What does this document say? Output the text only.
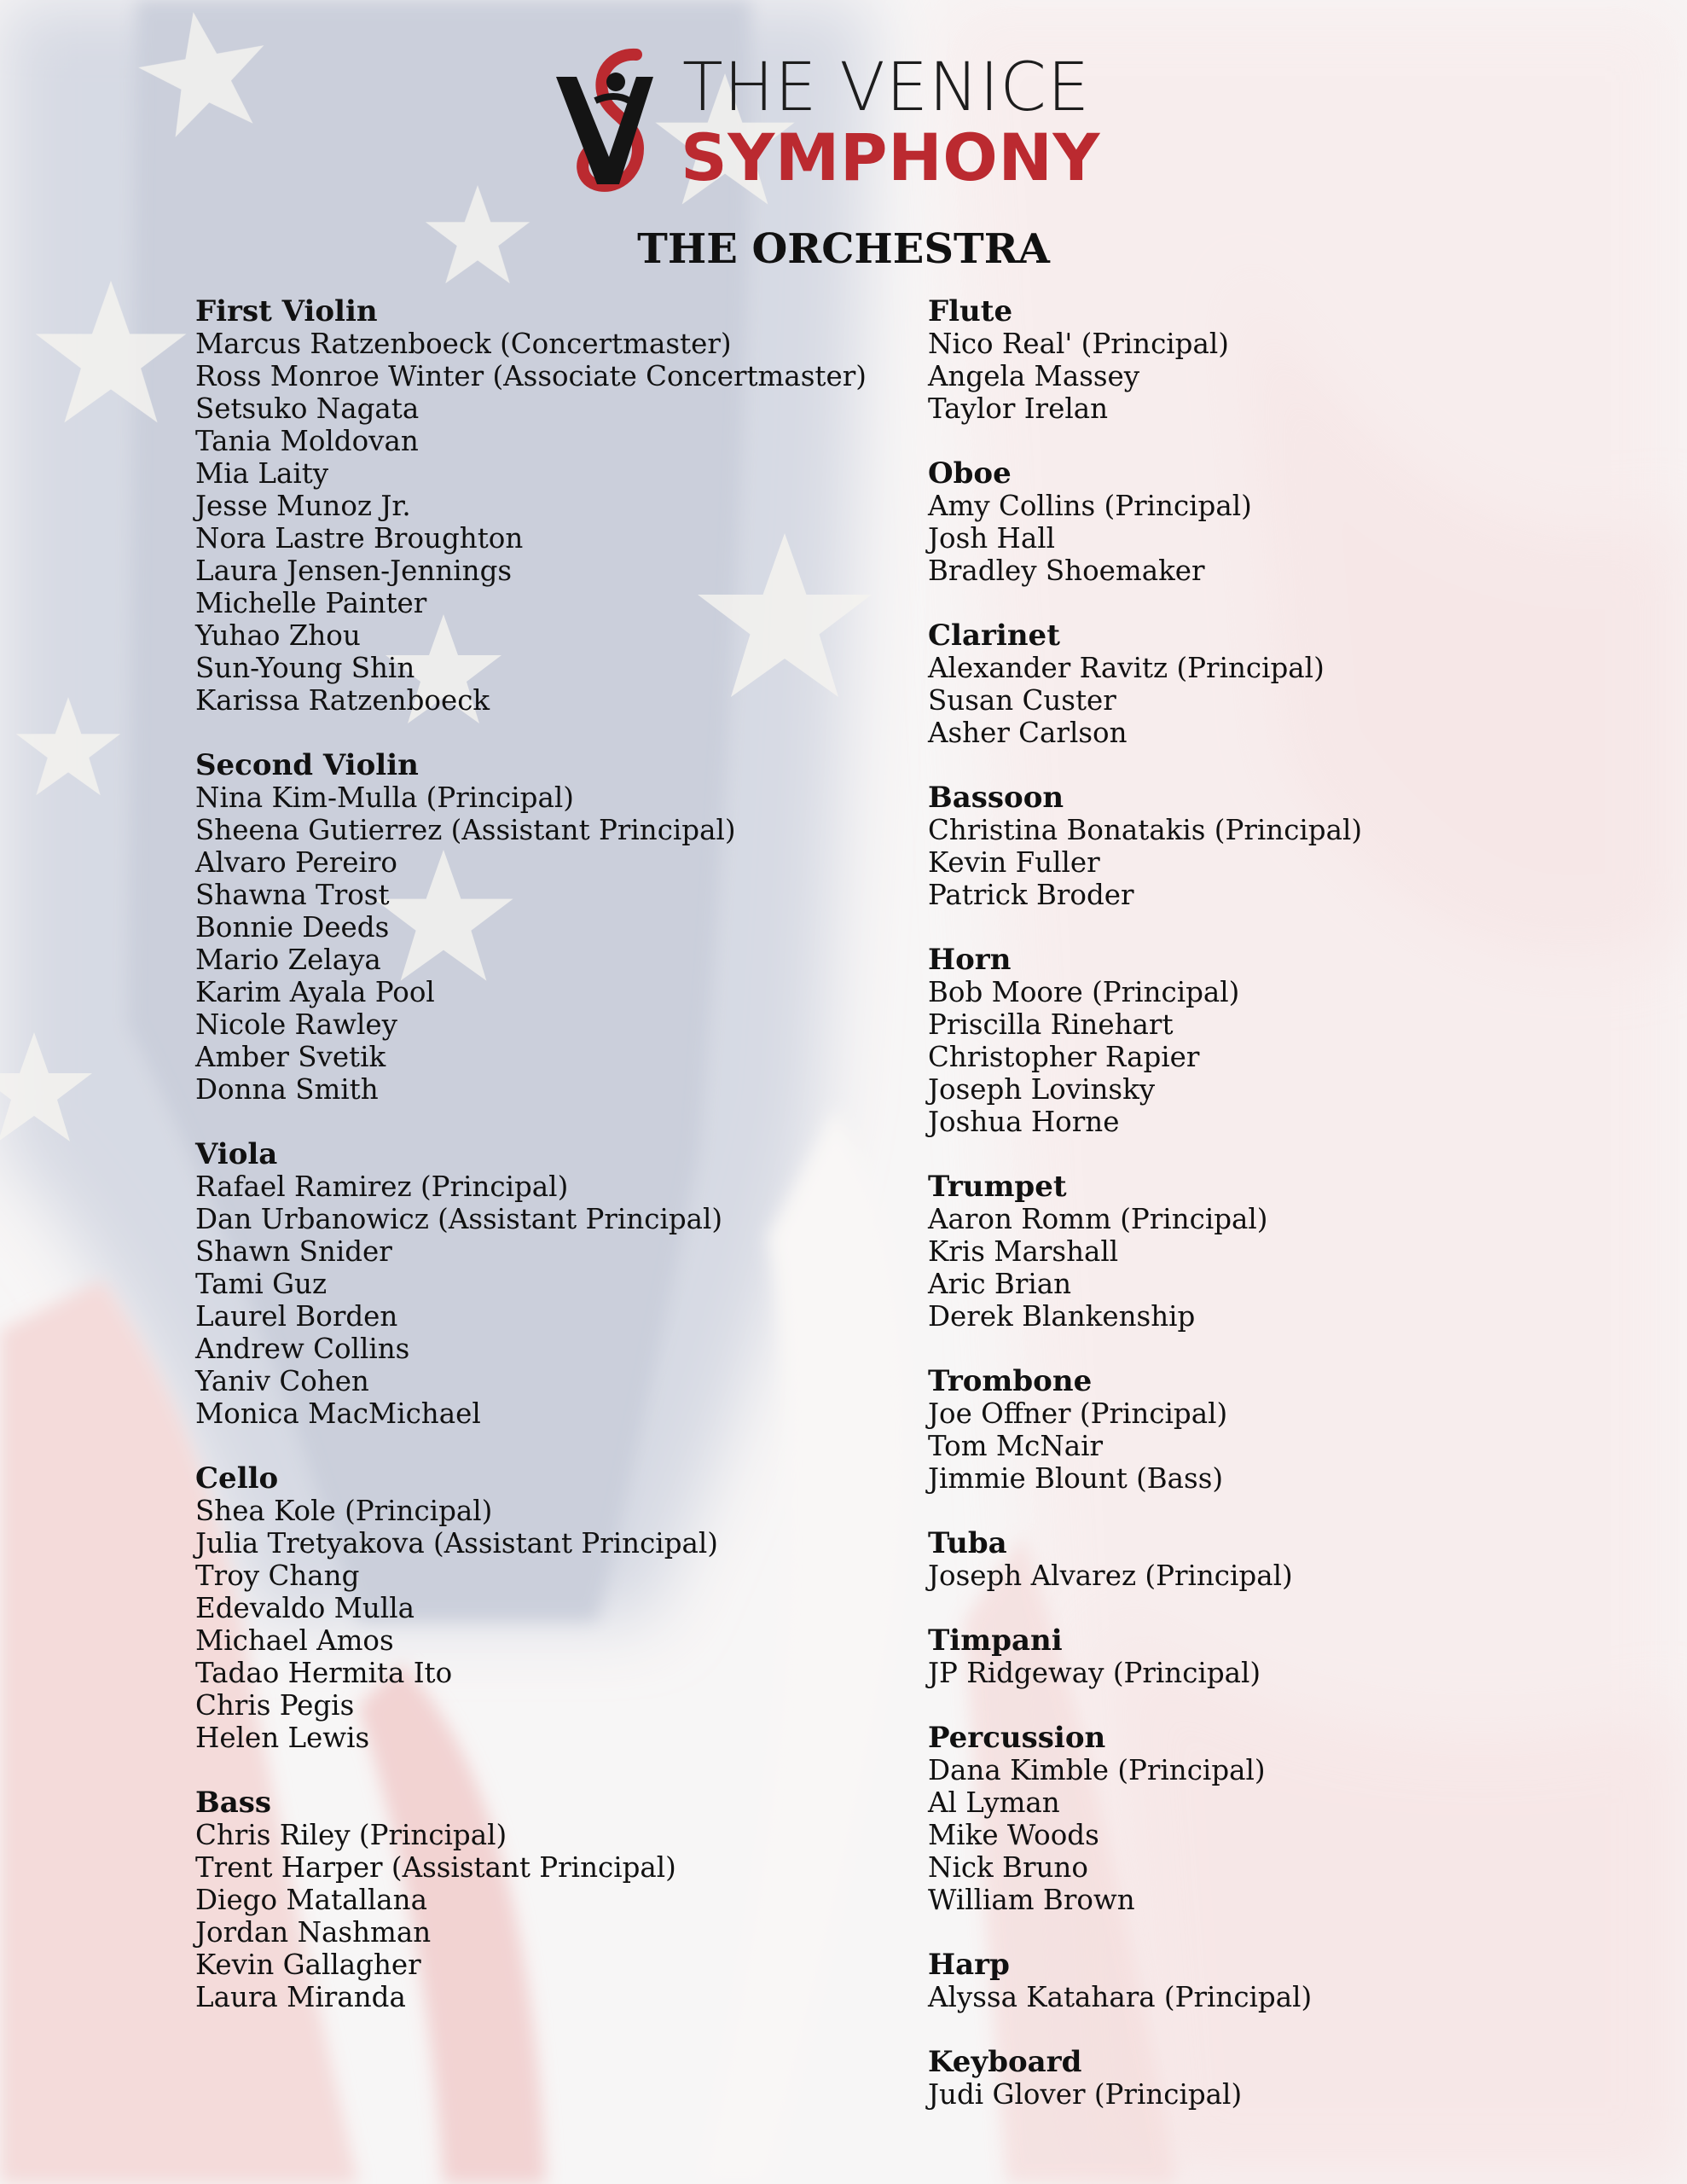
THE VENICE
SYMPHONY
THE ORCHESTRA
First Violin
Marcus Ratzenboeck (Concertmaster)
Ross Monroe Winter (Associate Concertmaster)
Setsuko Nagata
Tania Moldovan
Mia Laity
Jesse Munoz Jr.
Nora Lastre Broughton
Laura Jensen-Jennings
Michelle Painter
Yuhao Zhou
Sun-Young Shin
Karissa Ratzenboeck
Second Violin
Nina Kim-Mulla (Principal)
Sheena Gutierrez (Assistant Principal)
Alvaro Pereiro
Shawna Trost
Bonnie Deeds
Mario Zelaya
Karim Ayala Pool
Nicole Rawley
Amber Svetik
Donna Smith
Viola
Rafael Ramirez (Principal)
Dan Urbanowicz (Assistant Principal)
Shawn Snider
Tami Guz
Laurel Borden
Andrew Collins
Yaniv Cohen
Monica MacMichael
Cello
Shea Kole (Principal)
Julia Tretyakova (Assistant Principal)
Troy Chang
Edevaldo Mulla
Michael Amos
Tadao Hermita Ito
Chris Pegis
Helen Lewis
Bass
Chris Riley (Principal)
Trent Harper (Assistant Principal)
Diego Matallana
Jordan Nashman
Kevin Gallagher
Laura Miranda
Flute
Nico Real' (Principal)
Angela Massey
Taylor Irelan
Oboe
Amy Collins (Principal)
Josh Hall
Bradley Shoemaker
Clarinet
Alexander Ravitz (Principal)
Susan Custer
Asher Carlson
Bassoon
Christina Bonatakis (Principal)
Kevin Fuller
Patrick Broder
Horn
Bob Moore (Principal)
Priscilla Rinehart
Christopher Rapier
Joseph Lovinsky
Joshua Horne
Trumpet
Aaron Romm (Principal)
Kris Marshall
Aric Brian
Derek Blankenship
Trombone
Joe Offner (Principal)
Tom McNair
Jimmie Blount (Bass)
Tuba
Joseph Alvarez (Principal)
Timpani
JP Ridgeway (Principal)
Percussion
Dana Kimble (Principal)
Al Lyman
Mike Woods
Nick Bruno
William Brown
Harp
Alyssa Katahara (Principal)
Keyboard
Judi Glover (Principal)
